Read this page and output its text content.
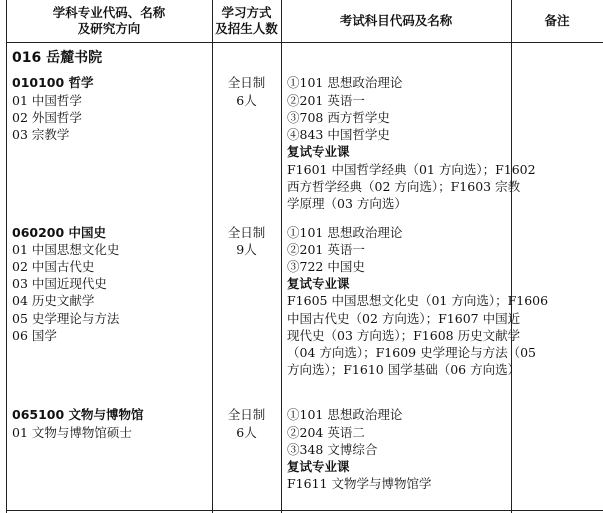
学科专业代码、名称
及研究方向
学习方式
及招生人数
考试科目代码及名称	备注
016 岳麓书院
010100 哲学
01 中国哲学
02 外国哲学
03 宗教学
全日制
6人
①101 思想政治理论
②201 英语一
③708 西方哲学史
④843 中国哲学史
复试专业课
F1601 中国哲学经典（01 方向选）；F1602
西方哲学经典（02 方向选）；F1603 宗教
学原理（03 方向选）
060200 中国史
01 中国思想文化史
02 中国古代史
03 中国近现代史
04 历史文献学
05 史学理论与方法
06 国学
全日制
9人
①101 思想政治理论
②201 英语一
③722 中国史
复试专业课
F1605 中国思想文化史（01 方向选）；F1606
中国古代史（02 方向选）；F1607 中国近
现代史（03 方向选）；F1608 历史文献学
（04 方向选）；F1609 史学理论与方法（05
方向选）；F1610 国学基础（06 方向选）
065100 文物与博物馆
01 文物与博物馆硕士
全日制
6人
①101 思想政治理论
②204 英语二
③348 文博综合
复试专业课
F1611 文物学与博物馆学
